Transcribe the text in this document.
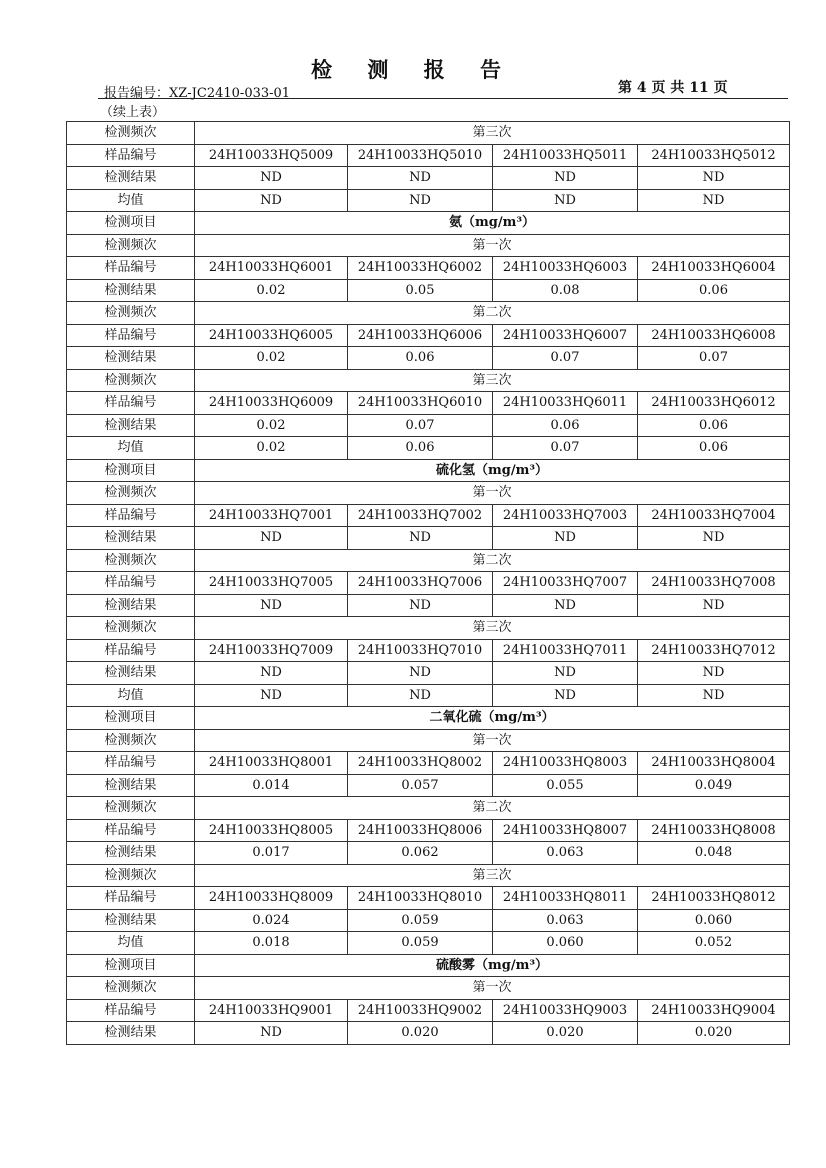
检 测 报 告
报告编号：XZ-JC2410-033-01	第 4 页 共 11 页
（续上表）
检测频次	第三次			
样品编号	24H10033HQ5009	24H10033HQ5010	24H10033HQ5011	24H10033HQ5012
检测结果	ND	ND	ND	ND
均值	ND	ND	ND	ND
检测项目	氨（mg/m³）			
检测频次	第一次			
样品编号	24H10033HQ6001	24H10033HQ6002	24H10033HQ6003	24H10033HQ6004
检测结果	0.02	0.05	0.08	0.06
检测频次	第二次			
样品编号	24H10033HQ6005	24H10033HQ6006	24H10033HQ6007	24H10033HQ6008
检测结果	0.02	0.06	0.07	0.07
检测频次	第三次			
样品编号	24H10033HQ6009	24H10033HQ6010	24H10033HQ6011	24H10033HQ6012
检测结果	0.02	0.07	0.06	0.06
均值	0.02	0.06	0.07	0.06
检测项目	硫化氢（mg/m³）			
检测频次	第一次			
样品编号	24H10033HQ7001	24H10033HQ7002	24H10033HQ7003	24H10033HQ7004
检测结果	ND	ND	ND	ND
检测频次	第二次			
样品编号	24H10033HQ7005	24H10033HQ7006	24H10033HQ7007	24H10033HQ7008
检测结果	ND	ND	ND	ND
检测频次	第三次			
样品编号	24H10033HQ7009	24H10033HQ7010	24H10033HQ7011	24H10033HQ7012
检测结果	ND	ND	ND	ND
均值	ND	ND	ND	ND
检测项目	二氧化硫（mg/m³）			
检测频次	第一次			
样品编号	24H10033HQ8001	24H10033HQ8002	24H10033HQ8003	24H10033HQ8004
检测结果	0.014	0.057	0.055	0.049
检测频次	第二次			
样品编号	24H10033HQ8005	24H10033HQ8006	24H10033HQ8007	24H10033HQ8008
检测结果	0.017	0.062	0.063	0.048
检测频次	第三次			
样品编号	24H10033HQ8009	24H10033HQ8010	24H10033HQ8011	24H10033HQ8012
检测结果	0.024	0.059	0.063	0.060
均值	0.018	0.059	0.060	0.052
检测项目	硫酸雾（mg/m³）			
检测频次	第一次			
样品编号	24H10033HQ9001	24H10033HQ9002	24H10033HQ9003	24H10033HQ9004
检测结果	ND	0.020	0.020	0.020
